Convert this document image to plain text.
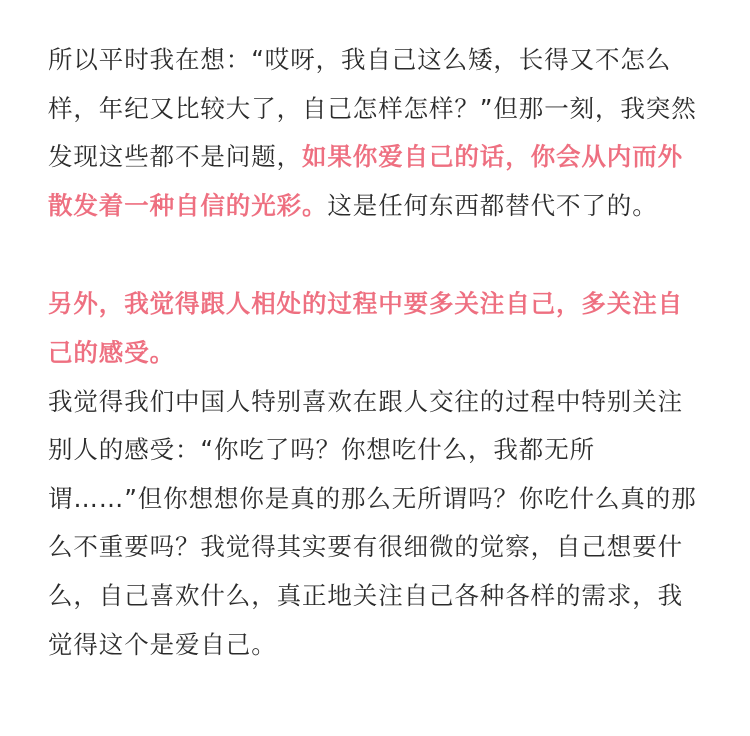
所以平时我在想：“哎呀，我自己这么矮，长得又不怎么样，年纪又比较大了，自己怎样怎样？”但那一刻，我突然发现这些都不是问题，如果你爱自己的话，你会从内而外散发着一种自信的光彩。这是任何东西都替代不了的。

另外，我觉得跟人相处的过程中要多关注自己，多关注自己的感受。

我觉得我们中国人特别喜欢在跟人交往的过程中特别关注别人的感受：“你吃了吗？你想吃什么，我都无所谓……”但你想想你是真的那么无所谓吗？你吃什么真的那么不重要吗？我觉得其实要有很细微的觉察，自己想要什么，自己喜欢什么，真正地关注自己各种各样的需求，我觉得这个是爱自己。
